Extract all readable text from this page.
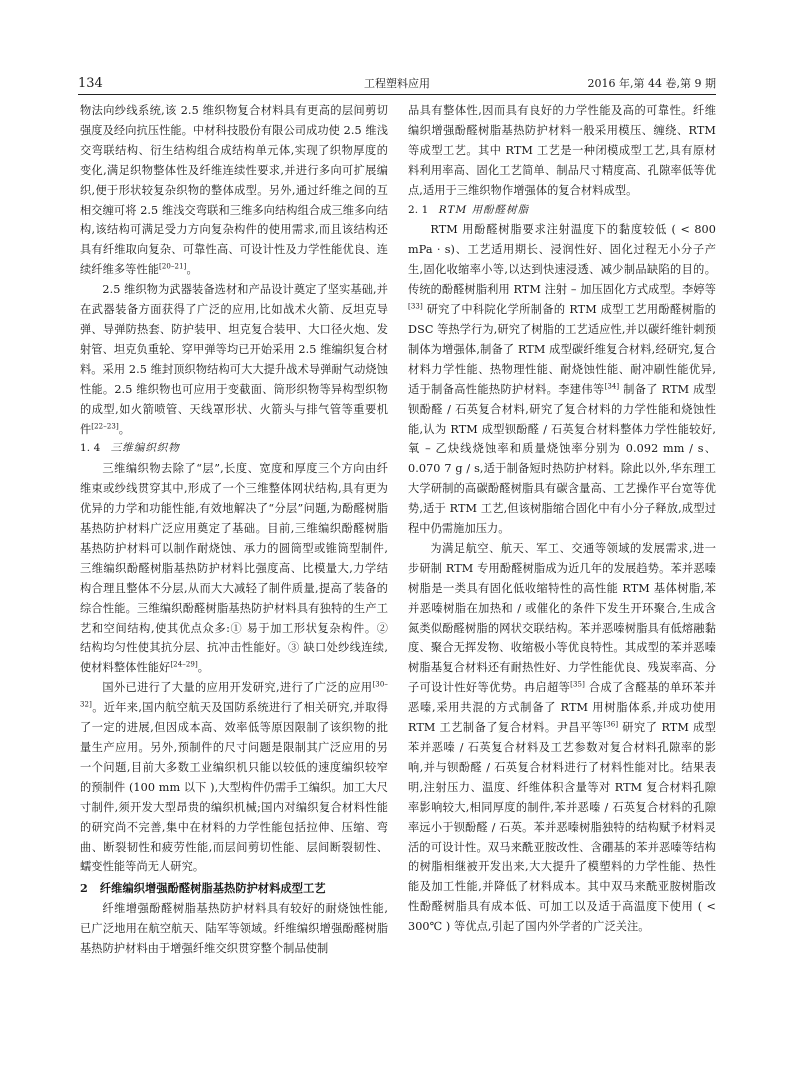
134	工程塑料应用	2016 年,第 44 卷,第 9 期

物法向纱线系统,该 2.5 维织物复合材料具有更高的层间剪切强度及经向抗压性能。中材科技股份有限公司成功使 2.5 维浅交弯联结构、衍生结构组合成结构单元体,实现了织物厚度的变化,满足织物整体性及纤维连续性要求,并进行多向可扩展编织,便于形状较复杂织物的整体成型。另外,通过纤维之间的互相交缠可将 2.5 维浅交弯联和三维多向结构组合成三维多向结构,该结构可满足受力方向复杂构件的使用需求,而且该结构还具有纤维取向复杂、可靠性高、可设计性及力学性能优良、连续纤维多等性能[20–21]。

2.5 维织物为武器装备选材和产品设计奠定了坚实基础,并在武器装备方面获得了广泛的应用,比如战术火箭、反坦克导弹、导弹防热套、防护装甲、坦克复合装甲、大口径火炮、发射管、坦克负重轮、穿甲弹等均已开始采用 2.5 维编织复合材料。采用 2.5 维封顶织物结构可大大提升战术导弹耐气动烧蚀性能。2.5 维织物也可应用于变截面、筒形织物等异构型织物的成型,如火箭喷管、天线罩形状、火箭头与排气管等重要机件[22–23]。

1. 4 三维编织织物

三维编织物去除了“层”,长度、宽度和厚度三个方向由纤维束或纱线贯穿其中,形成了一个三维整体网状结构,具有更为优异的力学和功能性能,有效地解决了“分层”问题,为酚醛树脂基热防护材料广泛应用奠定了基础。目前,三维编织酚醛树脂基热防护材料可以制作耐烧蚀、承力的圆筒型或锥筒型制件,三维编织酚醛树脂基热防护材料比强度高、比模量大,力学结构合理且整体不分层,从而大大减轻了制件质量,提高了装备的综合性能。三维编织酚醛树脂基热防护材料具有独特的生产工艺和空间结构,使其优点众多:① 易于加工形状复杂构件。② 结构均匀性使其抗分层、抗冲击性能好。③ 缺口处纱线连续,使材料整体性能好[24–29]。

国外已进行了大量的应用开发研究,进行了广泛的应用[30–32]。近年来,国内航空航天及国防系统进行了相关研究,并取得了一定的进展,但因成本高、效率低等原因限制了该织物的批量生产应用。另外,预制件的尺寸问题是限制其广泛应用的另一个问题,目前大多数工业编织机只能以较低的速度编织较窄的预制件 (100 mm 以下 ),大型构件仍需手工编织。加工大尺寸制件,须开发大型昂贵的编织机械;国内对编织复合材料性能的研究尚不完善,集中在材料的力学性能包括拉伸、压缩、弯曲、断裂韧性和疲劳性能,而层间剪切性能、层间断裂韧性、蠕变性能等尚无人研究。

2 纤维编织增强酚醛树脂基热防护材料成型工艺

纤维增强酚醛树脂基热防护材料具有较好的耐烧蚀性能,已广泛地用在航空航天、陆军等领域。纤维编织增强酚醛树脂基热防护材料由于增强纤维交织贯穿整个制品使制

品具有整体性,因而具有良好的力学性能及高的可靠性。纤维编织增强酚醛树脂基热防护材料一般采用模压、缠绕、RTM 等成型工艺。其中 RTM 工艺是一种闭模成型工艺,具有原材料利用率高、固化工艺简单、制品尺寸精度高、孔隙率低等优点,适用于三维织物作增强体的复合材料成型。

2. 1 RTM 用酚醛树脂

RTM 用酚醛树脂要求注射温度下的黏度较低 ( < 800 mPa · s)、工艺适用期长、浸润性好、固化过程无小分子产生,固化收缩率小等,以达到快速浸透、减少制品缺陷的目的。传统的酚醛树脂利用 RTM 注射 – 加压固化方式成型。李婷等[33] 研究了中科院化学所制备的 RTM 成型工艺用酚醛树脂的 DSC 等热学行为,研究了树脂的工艺适应性,并以碳纤维针刺预制体为增强体,制备了 RTM 成型碳纤维复合材料,经研究,复合材料力学性能、热物理性能、耐烧蚀性能、耐冲刷性能优异,适于制备高性能热防护材料。李建伟等[34] 制备了 RTM 成型钡酚醛 / 石英复合材料,研究了复合材料的力学性能和烧蚀性能,认为 RTM 成型钡酚醛 / 石英复合材料整体力学性能较好,氧 – 乙炔线烧蚀率和质量烧蚀率分别为 0.092 mm / s、0.070 7 g / s,适于制备短时热防护材料。除此以外,华东理工大学研制的高碳酚醛树脂具有碳含量高、工艺操作平台宽等优势,适于 RTM 工艺,但该树脂缩合固化中有小分子释放,成型过程中仍需施加压力。

为满足航空、航天、军工、交通等领域的发展需求,进一步研制 RTM 专用酚醛树脂成为近几年的发展趋势。苯并恶嗪树脂是一类具有固化低收缩特性的高性能 RTM 基体树脂,苯并恶嗪树脂在加热和 / 或催化的条件下发生开环聚合,生成含氮类似酚醛树脂的网状交联结构。苯并恶嗪树脂具有低熔融黏度、聚合无挥发物、收缩极小等优良特性。其成型的苯并恶嗪树脂基复合材料还有耐热性好、力学性能优良、残炭率高、分子可设计性好等优势。冉启超等[35] 合成了含醛基的单环苯并恶嗪,采用共混的方式制备了 RTM 用树脂体系,并成功使用 RTM 工艺制备了复合材料。尹昌平等[36] 研究了 RTM 成型苯并恶嗪 / 石英复合材料及工艺参数对复合材料孔隙率的影响,并与钡酚醛 / 石英复合材料进行了材料性能对比。结果表明,注射压力、温度、纤维体积含量等对 RTM 复合材料孔隙率影响较大,相同厚度的制件,苯并恶嗪 / 石英复合材料的孔隙率远小于钡酚醛 / 石英。苯并恶嗪树脂独特的结构赋予材料灵活的可设计性。双马来酰亚胺改性、含硼基的苯并恶嗪等结构的树脂相继被开发出来,大大提升了模塑料的力学性能、热性能及加工性能,并降低了材料成本。其中双马来酰亚胺树脂改性酚醛树脂具有成本低、可加工以及适于高温度下使用 ( < 300℃ ) 等优点,引起了国内外学者的广泛关注。
